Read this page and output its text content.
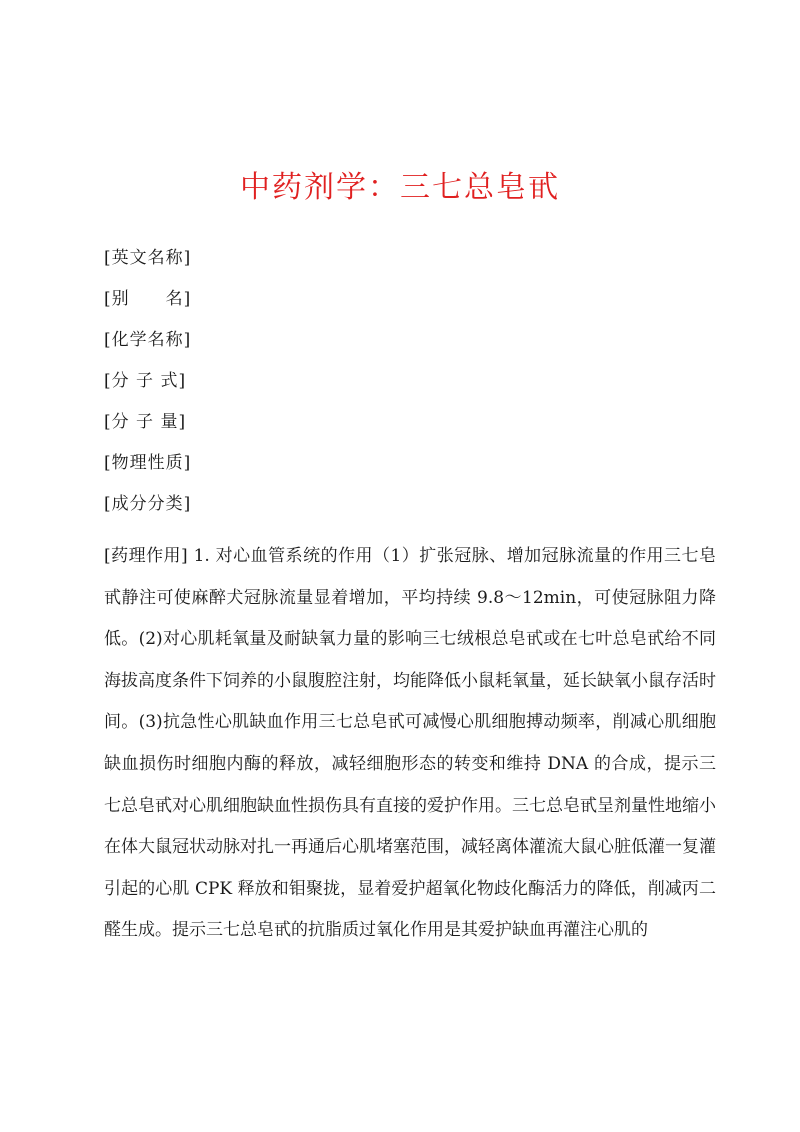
中药剂学：三七总皂甙
[英文名称]
[别　　名]
[化学名称]
[分 子 式]
[分 子 量]
[物理性质]
[成分分类]

[药理作用] 1. 对心血管系统的作用（1）扩张冠脉、增加冠脉流量的作用三七皂甙静注可使麻醉犬冠脉流量显着增加，平均持续 9.8～12min，可使冠脉阻力降低。(2)对心肌耗氧量及耐缺氧力量的影响三七绒根总皂甙或在七叶总皂甙给不同海拔高度条件下饲养的小鼠腹腔注射，均能降低小鼠耗氧量，延长缺氧小鼠存活时间。(3)抗急性心肌缺血作用三七总皂甙可减慢心肌细胞搏动频率，削减心肌细胞缺血损伤时细胞内酶的释放，减轻细胞形态的转变和维持 DNA 的合成，提示三七总皂甙对心肌细胞缺血性损伤具有直接的爱护作用。三七总皂甙呈剂量性地缩小在体大鼠冠状动脉对扎一再通后心肌堵塞范围，减轻离体灌流大鼠心脏低灌一复灌引起的心肌 CPK 释放和钼聚拢，显着爱护超氧化物歧化酶活力的降低，削减丙二醛生成。提示三七总皂甙的抗脂质过氧化作用是其爱护缺血再灌注心肌的
